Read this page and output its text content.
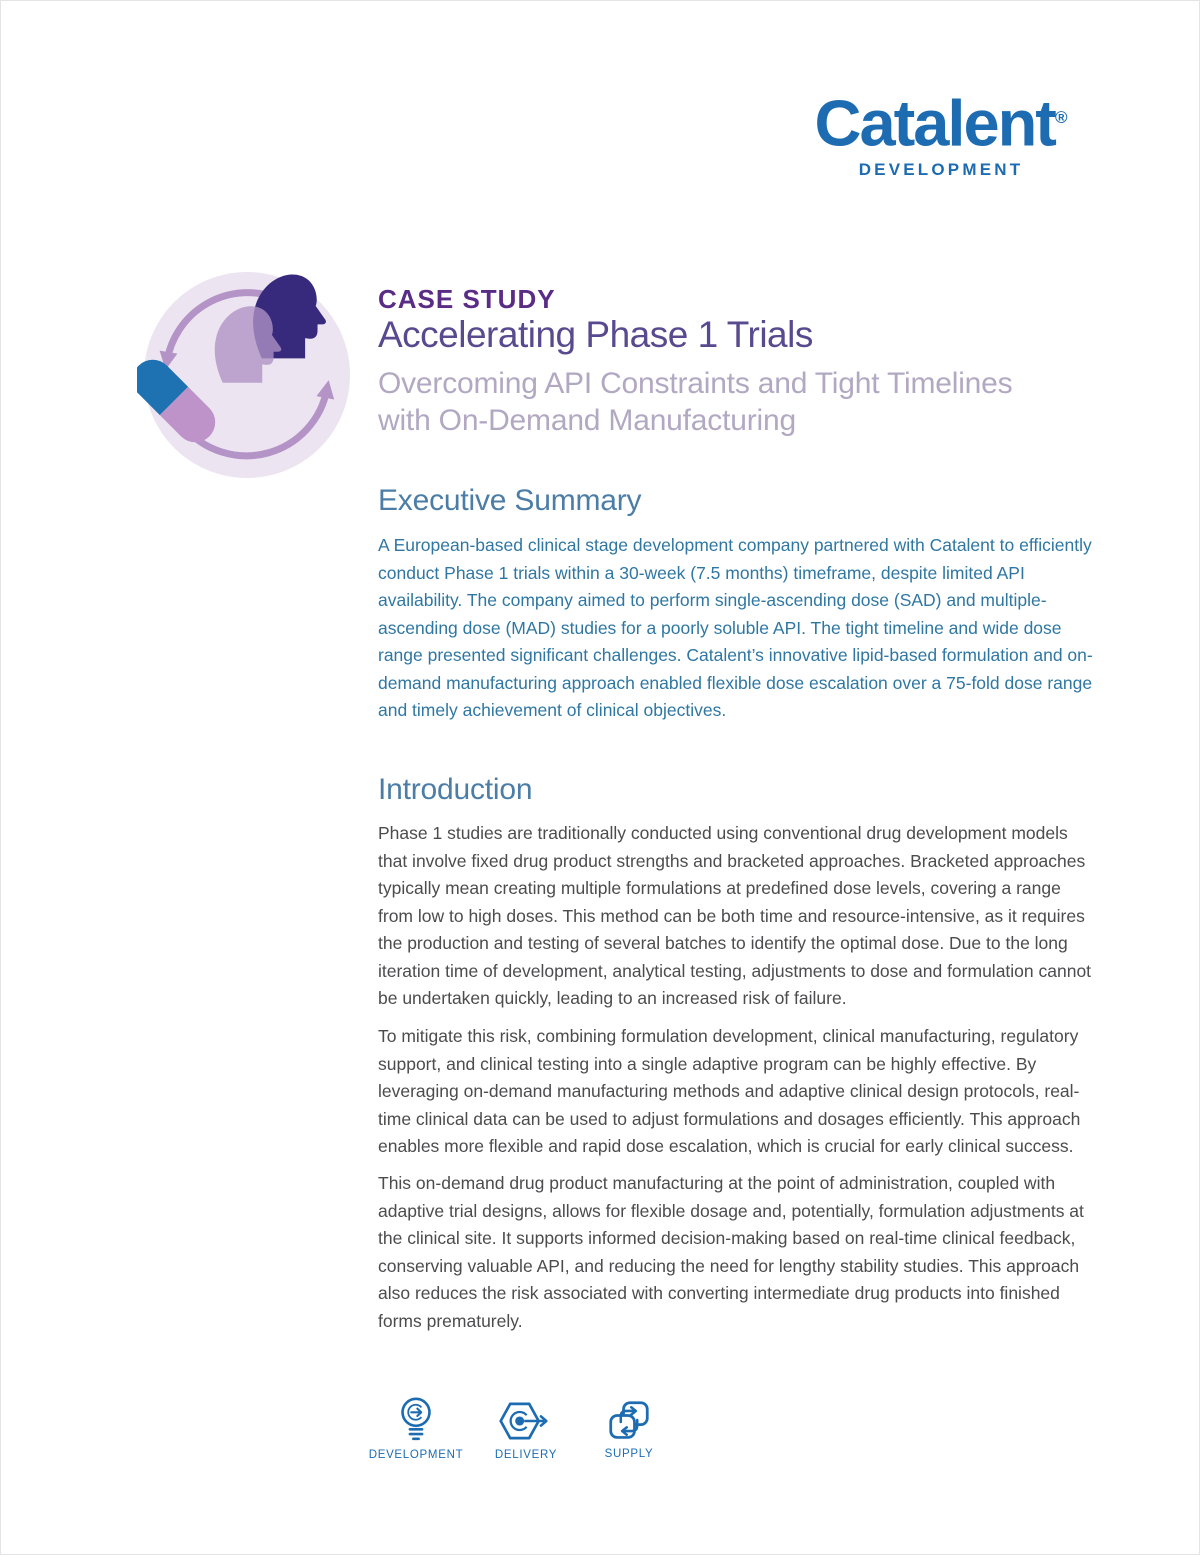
Catalent®
DEVELOPMENT
CASE STUDY
Accelerating Phase 1 Trials
Overcoming API Constraints and Tight Timelines
with On-Demand Manufacturing
Executive Summary

A European-based clinical stage development company partnered with Catalent to efficiently conduct Phase 1 trials within a 30-week (7.5 months) timeframe, despite limited API availability. The company aimed to perform single-ascending dose (SAD) and multiple-ascending dose (MAD) studies for a poorly soluble API. The tight timeline and wide dose range presented significant challenges. Catalent’s innovative lipid-based formulation and on-demand manufacturing approach enabled flexible dose escalation over a 75-fold dose range and timely achievement of clinical objectives.

Introduction

Phase 1 studies are traditionally conducted using conventional drug development models that involve fixed drug product strengths and bracketed approaches. Bracketed approaches typically mean creating multiple formulations at predefined dose levels, covering a range from low to high doses. This method can be both time and resource-intensive, as it requires the production and testing of several batches to identify the optimal dose. Due to the long iteration time of development, analytical testing, adjustments to dose and formulation cannot be undertaken quickly, leading to an increased risk of failure.

To mitigate this risk, combining formulation development, clinical manufacturing, regulatory support, and clinical testing into a single adaptive program can be highly effective. By leveraging on-demand manufacturing methods and adaptive clinical design protocols, real-time clinical data can be used to adjust formulations and dosages efficiently. This approach enables more flexible and rapid dose escalation, which is crucial for early clinical success.

This on-demand drug product manufacturing at the point of administration, coupled with adaptive trial designs, allows for flexible dosage and, potentially, formulation adjustments at the clinical site. It supports informed decision-making based on real-time clinical feedback, conserving valuable API, and reducing the need for lengthy stability studies. This approach also reduces the risk associated with converting intermediate drug products into finished forms prematurely.

DEVELOPMENT	DELIVERY	SUPPLY
